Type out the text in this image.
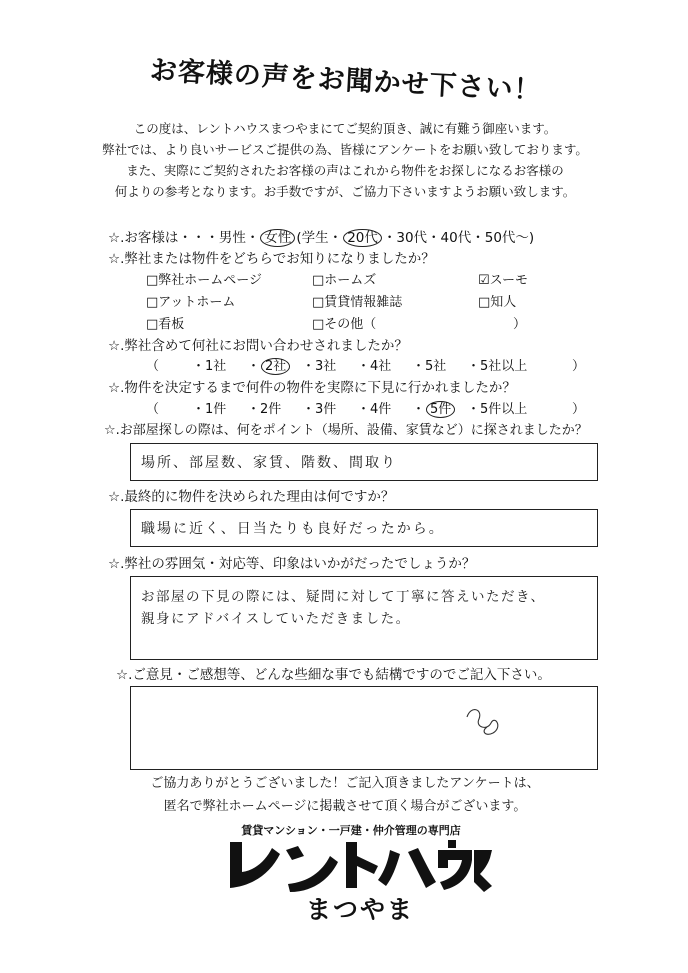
お客様の声をお聞かせ下さい！
この度は、レントハウスまつやまにてご契約頂き、誠に有難う御座います。
弊社では、より良いサービスご提供の為、皆様にアンケートをお願い致しております。
また、実際にご契約されたお客様の声はこれから物件をお探しになるお客様の
何よりの参考となります。お手数ですが、ご協力下さいますようお願い致します。
☆.お客様は・・・男性・ 女性 (学生・ 20代 ・30代・40代・50代～)
☆.弊社または物件をどちらでお知りになりましたか？
□弊社ホームページ	□ホームズ	☑スーモ
□アットホーム	□賃貸情報雑誌	□知人
□看板	□その他（	）
☆.弊社含めて何社にお問い合わせされましたか？
（	・1社 ・ 2社	・3社 ・4社 ・5社 ・5社以上	）
☆.物件を決定するまで何件の物件を実際に下見に行かれましたか？
（	・1件 ・2件 ・3件 ・4件 ・ 5件	・5件以上	）
☆.お部屋探しの際は、何をポイント（場所、設備、家賃など）に探されましたか？
場所、部屋数、家賃、階数、間取り
☆.最終的に物件を決められた理由は何ですか？
職場に近く、日当たりも良好だったから。
☆.弊社の雰囲気・対応等、印象はいかがだったでしょうか？
お部屋の下見の際には、疑問に対して丁寧に答えいただき、
親身にアドバイスしていただきました。
☆.ご意見・ご感想等、どんな些細な事でも結構ですのでご記入下さい。
ご協力ありがとうございました！ご記入頂きましたアンケートは、
匿名で弊社ホームページに掲載させて頂く場合がございます。
賃貸マンション・一戸建・仲介管理の専門店
まつやま
